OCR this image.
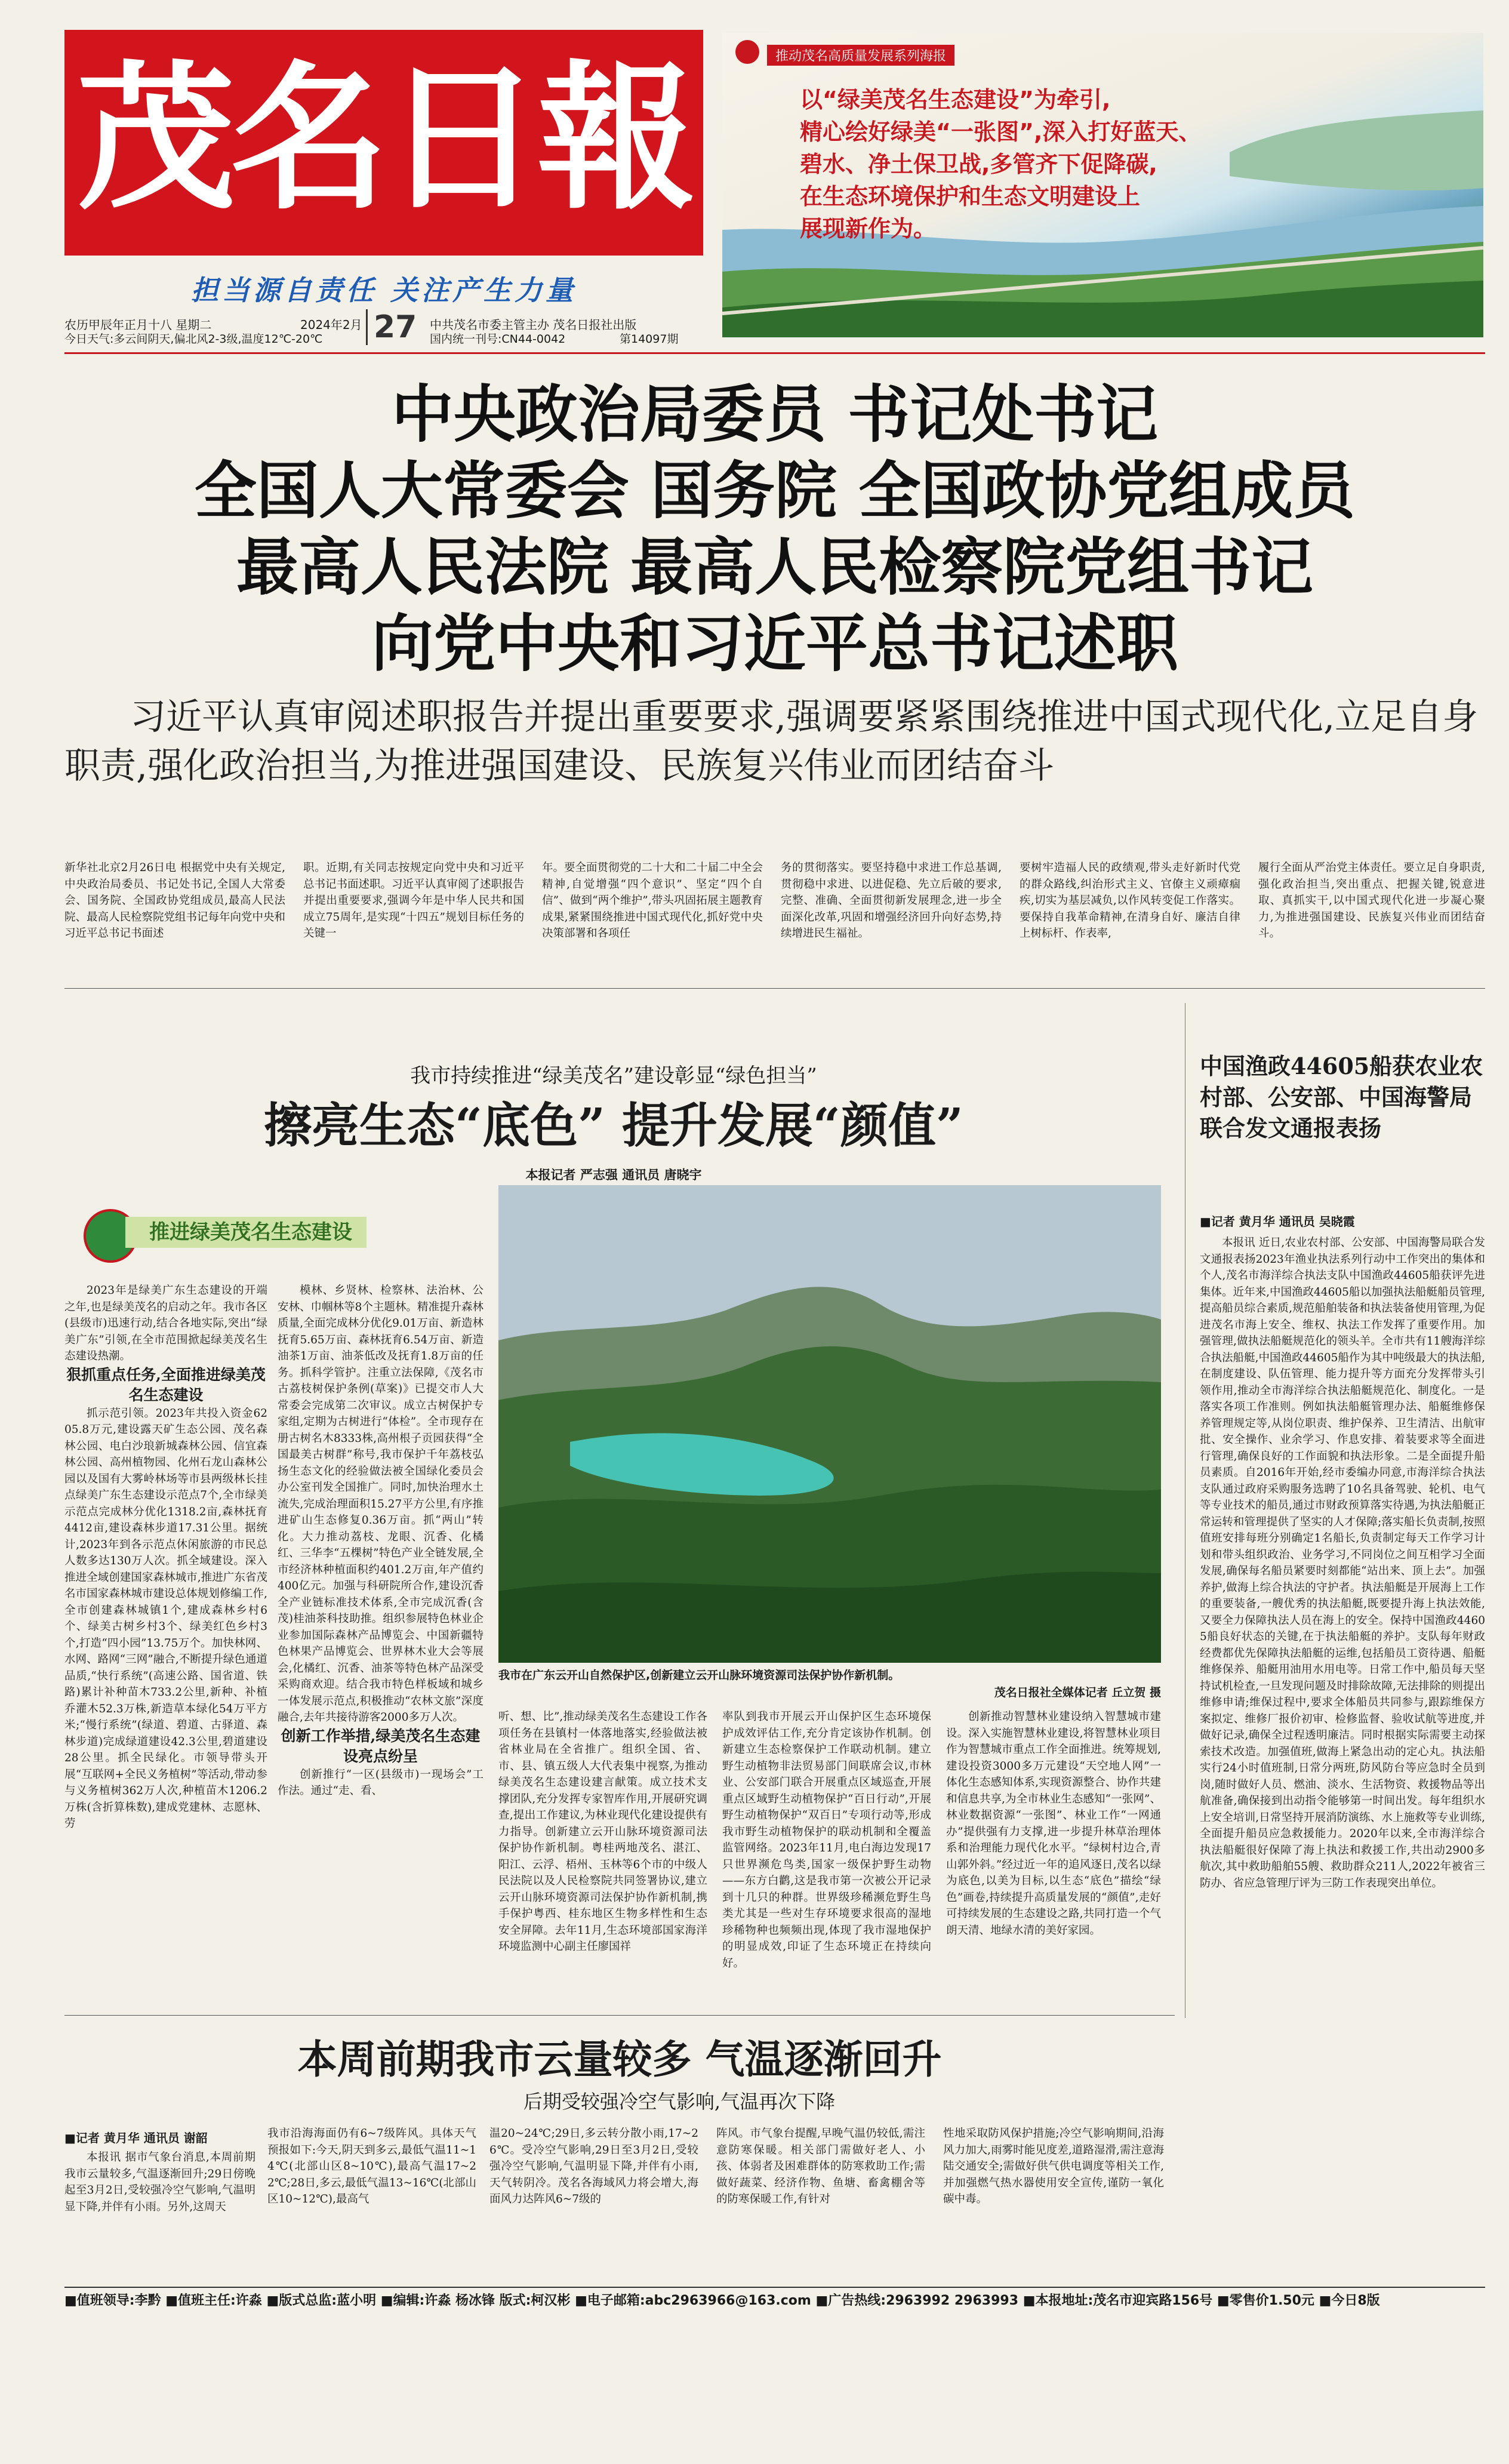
茂名日報
担当源自责任 关注产生力量
农历甲辰年正月十八 星期二	2024年2月
今日天气:多云间阴天,偏北风2-3级,温度12℃-20℃ 27 中共茂名市委主管主办 茂名日报社出版
国内统一刊号:CN44-0042	第14097期
推动茂名高质量发展系列海报
以“绿美茂名生态建设”为牵引,
精心绘好绿美“一张图”,深入打好蓝天、
碧水、净土保卫战,多管齐下促降碳,
在生态环境保护和生态文明建设上
展现新作为。
中央政治局委员 书记处书记
全国人大常委会 国务院 全国政协党组成员
最高人民法院 最高人民检察院党组书记
向党中央和习近平总书记述职
习近平认真审阅述职报告并提出重要要求,强调要紧紧围绕推进中国式现代化,立足自身职责,强化政治担当,为推进强国建设、民族复兴伟业而团结奋斗
新华社北京2月26日电 根据党中央有关规定,中央政治局委员、书记处书记,全国人大常委会、国务院、全国政协党组成员,最高人民法院、最高人民检察院党组书记每年向党中央和习近平总书记书面述
职。近期,有关同志按规定向党中央和习近平总书记书面述职。习近平认真审阅了述职报告并提出重要要求,强调今年是中华人民共和国成立75周年,是实现“十四五”规划目标任务的关键一
年。要全面贯彻党的二十大和二十届二中全会精神,自觉增强“四个意识”、坚定“四个自信”、做到“两个维护”,带头巩固拓展主题教育成果,紧紧围绕推进中国式现代化,抓好党中央决策部署和各项任
务的贯彻落实。要坚持稳中求进工作总基调,贯彻稳中求进、以进促稳、先立后破的要求,完整、准确、全面贯彻新发展理念,进一步全面深化改革,巩固和增强经济回升向好态势,持续增进民生福祉。
要树牢造福人民的政绩观,带头走好新时代党的群众路线,纠治形式主义、官僚主义顽瘴痼疾,切实为基层减负,以作风转变促工作落实。要保持自我革命精神,在清身自好、廉洁自律上树标杆、作表率,
履行全面从严治党主体责任。要立足自身职责,强化政治担当,突出重点、把握关键,锐意进取、真抓实干,以中国式现代化进一步凝心聚力,为推进强国建设、民族复兴伟业而团结奋斗。
我市持续推进“绿美茂名”建设彰显“绿色担当”
擦亮生态“底色” 提升发展“颜值”
本报记者 严志强 通讯员 唐晓宇
推进绿美茂名生态建设
我市在广东云开山自然保护区,创新建立云开山脉环境资源司法保护协作新机制。
茂名日报社全媒体记者 丘立贺 摄

2023年是绿美广东生态建设的开端之年,也是绿美茂名的启动之年。我市各区(县级市)迅速行动,结合各地实际,突出“绿美广东”引领,在全市范围掀起绿美茂名生态建设热潮。

狠抓重点任务,全面推进绿美茂名生态建设

抓示范引领。2023年共投入资金6205.8万元,建设露天矿生态公园、茂名森林公园、电白沙琅新城森林公园、信宜森林公园、高州植物园、化州石龙山森林公园以及国有大雾岭林场等市县两级林长挂点绿美广东生态建设示范点7个,全市绿美示范点完成林分优化1318.2亩,森林抚育4412亩,建设森林步道17.31公里。据统计,2023年到各示范点休闲旅游的市民总人数多达130万人次。抓全域建设。深入推进全域创建国家森林城市,推进广东省茂名市国家森林城市建设总体规划修编工作,全市创建森林城镇1个,建成森林乡村6个、绿美古树乡村3个、绿美红色乡村3个,打造“四小园”13.75万个。加快林网、水网、路网“三网”融合,不断提升绿色通道品质,“快行系统”(高速公路、国省道、铁路)累计补种苗木733.2公里,新种、补植乔灌木52.3万株,新造草本绿化54万平方米;“慢行系统”(绿道、碧道、古驿道、森林步道)完成绿道建设42.3公里,碧道建设28公里。抓全民绿化。市领导带头开展“互联网+全民义务植树”等活动,带动参与义务植树362万人次,种植苗木1206.2万株(含折算株数),建成党建林、志愿林、劳

模林、乡贤林、检察林、法治林、公安林、巾帼林等8个主题林。精准提升森林质量,全面完成林分优化9.01万亩、新造林抚育5.65万亩、森林抚育6.54万亩、新造油茶1万亩、油茶低改及抚育1.8万亩的任务。抓科学管护。注重立法保障,《茂名市古荔枝树保护条例(草案)》已提交市人大常委会完成第二次审议。成立古树保护专家组,定期为古树进行“体检”。全市现存在册古树名木8333株,高州根子贡园获得“全国最美古树群”称号,我市保护千年荔枝弘扬生态文化的经验做法被全国绿化委员会办公室刊发全国推广。同时,加快治理水土流失,完成治理面积15.27平方公里,有序推进矿山生态修复0.36万亩。抓“两山”转化。大力推动荔枝、龙眼、沉香、化橘红、三华李“五棵树”特色产业全链发展,全市经济林种植面积约401.2万亩,年产值约400亿元。加强与科研院所合作,建设沉香全产业链标准技术体系,全市完成沉香(含茂)桂油茶科技助推。组织参展特色林业企业参加国际森林产品博览会、中国新疆特色林果产品博览会、世界林木业大会等展会,化橘红、沉香、油茶等特色林产品深受采购商欢迎。结合我市特色样板域和城乡一体发展示范点,积极推动“农林文旅”深度融合,去年共接待游客2000多万人次。

创新工作举措,绿美茂名生态建设亮点纷呈

创新推行“一区(县级市)一现场会”工作法。通过“走、看、

听、想、比”,推动绿美茂名生态建设工作各项任务在县镇村一体落地落实,经验做法被省林业局在全省推广。组织全国、省、市、县、镇五级人大代表集中视察,为推动绿美茂名生态建设建言献策。成立技术支撑团队,充分发挥专家智库作用,开展研究调查,提出工作建议,为林业现代化建设提供有力指导。创新建立云开山脉环境资源司法保护协作新机制。粤桂两地茂名、湛江、阳江、云浮、梧州、玉林等6个市的中级人民法院以及人民检察院共同签署协议,建立云开山脉环境资源司法保护协作新机制,携手保护粤西、桂东地区生物多样性和生态安全屏障。去年11月,生态环境部国家海洋环境监测中心副主任廖国祥

率队到我市开展云开山保护区生态环境保护成效评估工作,充分肯定该协作机制。创新建立生态检察保护工作联动机制。建立野生动植物非法贸易部门间联席会议,市林业、公安部门联合开展重点区域巡查,开展重点区域野生动植物保护“百日行动”,开展野生动植物保护“双百日”专项行动等,形成我市野生动植物保护的联动机制和全覆盖监管网络。2023年11月,电白海边发现17只世界濒危鸟类,国家一级保护野生动物——东方白鹳,这是我市第一次被公开记录到十几只的种群。世界级珍稀濒危野生鸟类尤其是一些对生存环境要求很高的湿地珍稀物种也频频出现,体现了我市湿地保护的明显成效,印证了生态环境正在持续向好。

创新推动智慧林业建设纳入智慧城市建设。深入实施智慧林业建设,将智慧林业项目作为智慧城市重点工作全面推进。统筹规划,建设投资3000多万元建设“天空地人网”一体化生态感知体系,实现资源整合、协作共建和信息共享,为全市林业生态感知“一张网”、林业数据资源“一张图”、林业工作“一网通办”提供强有力支撑,进一步提升林草治理体系和治理能力现代化水平。“绿树村边合,青山郭外斜。”经过近一年的追风逐日,茂名以绿为底色,以美为目标,以生态“底色”描绘“绿色”画卷,持续提升高质量发展的“颜值”,走好可持续发展的生态建设之路,共同打造一个气朗天清、地绿水清的美好家园。

中国渔政44605船获农业农村部、公安部、中国海警局联合发文通报表扬
■记者 黄月华 通讯员 吴晓霞
本报讯 近日,农业农村部、公安部、中国海警局联合发文通报表扬2023年渔业执法系列行动中工作突出的集体和个人,茂名市海洋综合执法支队中国渔政44605船获评先进集体。近年来,中国渔政44605船以加强执法船艇船员管理,提高船员综合素质,规范船舶装备和执法装备使用管理,为促进茂名市海上安全、维权、执法工作发挥了重要作用。加强管理,做执法船艇规范化的领头羊。全市共有11艘海洋综合执法船艇,中国渔政44605船作为其中吨级最大的执法船,在制度建设、队伍管理、能力提升等方面充分发挥带头引领作用,推动全市海洋综合执法船艇规范化、制度化。一是落实各项工作准则。例如执法船艇管理办法、船艇维修保养管理规定等,从岗位职责、维护保养、卫生清洁、出航审批、安全操作、业余学习、作息安排、着装要求等全面进行管理,确保良好的工作面貌和执法形象。二是全面提升船员素质。自2016年开始,经市委编办同意,市海洋综合执法支队通过政府采购服务选聘了10名具备驾驶、轮机、电气等专业技术的船员,通过市财政预算落实待遇,为执法船艇正常运转和管理提供了坚实的人才保障;落实船长负责制,按照值班安排每班分别确定1名船长,负责制定每天工作学习计划和带头组织政治、业务学习,不同岗位之间互相学习全面发展,确保每名船员紧要时刻都能“站出来、顶上去”。加强养护,做海上综合执法的守护者。执法船艇是开展海上工作的重要装备,一艘优秀的执法船艇,既要提升海上执法效能,又要全力保障执法人员在海上的安全。保持中国渔政44605船良好状态的关键,在于执法船艇的养护。支队每年财政经费都优先保障执法船艇的运维,包括船员工资待遇、船艇维修保养、船艇用油用水用电等。日常工作中,船员每天坚持试机检查,一旦发现问题及时排除故障,无法排除的则提出维修申请;维保过程中,要求全体船员共同参与,跟踪维保方案拟定、维修厂报价初审、检修监督、验收试航等进度,并做好记录,确保全过程透明廉洁。同时根据实际需要主动探索技术改造。加强值班,做海上紧急出动的定心丸。执法船实行24小时值班制,日常分两班,防风防台等应急时全员到岗,随时做好人员、燃油、淡水、生活物资、救援物品等出航准备,确保接到出动指令能够第一时间出发。每年组织水上安全培训,日常坚持开展消防演练、水上施救等专业训练,全面提升船员应急救援能力。2020年以来,全市海洋综合执法船艇很好保障了海上执法和救援工作,共出动2900多航次,其中救助船舶55艘、救助群众211人,2022年被省三防办、省应急管理厅评为三防工作表现突出单位。
本周前期我市云量较多 气温逐渐回升
后期受较强冷空气影响,气温再次下降
■记者 黄月华 通讯员 谢韶
本报讯 据市气象台消息,本周前期我市云量较多,气温逐渐回升;29日傍晚起至3月2日,受较强冷空气影响,气温明显下降,并伴有小雨。另外,这周天
我市沿海海面仍有6~7级阵风。具体天气预报如下:今天,阴天到多云,最低气温11~14℃(北部山区8~10℃),最高气温17~22℃;28日,多云,最低气温13~16℃(北部山区10~12℃),最高气
温20~24℃;29日,多云转分散小雨,17~26℃。受冷空气影响,29日至3月2日,受较强冷空气影响,气温明显下降,并伴有小雨,天气转阴冷。茂名各海域风力将会增大,海面风力达阵风6~7级的
阵风。市气象台提醒,早晚气温仍较低,需注意防寒保暖。相关部门需做好老人、小孩、体弱者及困难群体的防寒救助工作;需做好蔬菜、经济作物、鱼塘、畜禽棚舍等的防寒保暖工作,有针对
性地采取防风保护措施;冷空气影响期间,沿海风力加大,雨雾时能见度差,道路湿滑,需注意海陆交通安全;需做好供气供电调度等相关工作,并加强燃气热水器使用安全宣传,谨防一氧化碳中毒。
■值班领导:李黔 ■值班主任:许淼 ■版式总监:蓝小明 ■编辑:许淼 杨冰锋 版式:柯汉彬 ■电子邮箱:abc2963966@163.com ■广告热线:2963992 2963993 ■本报地址:茂名市迎宾路156号 ■零售价1.50元 ■今日8版
